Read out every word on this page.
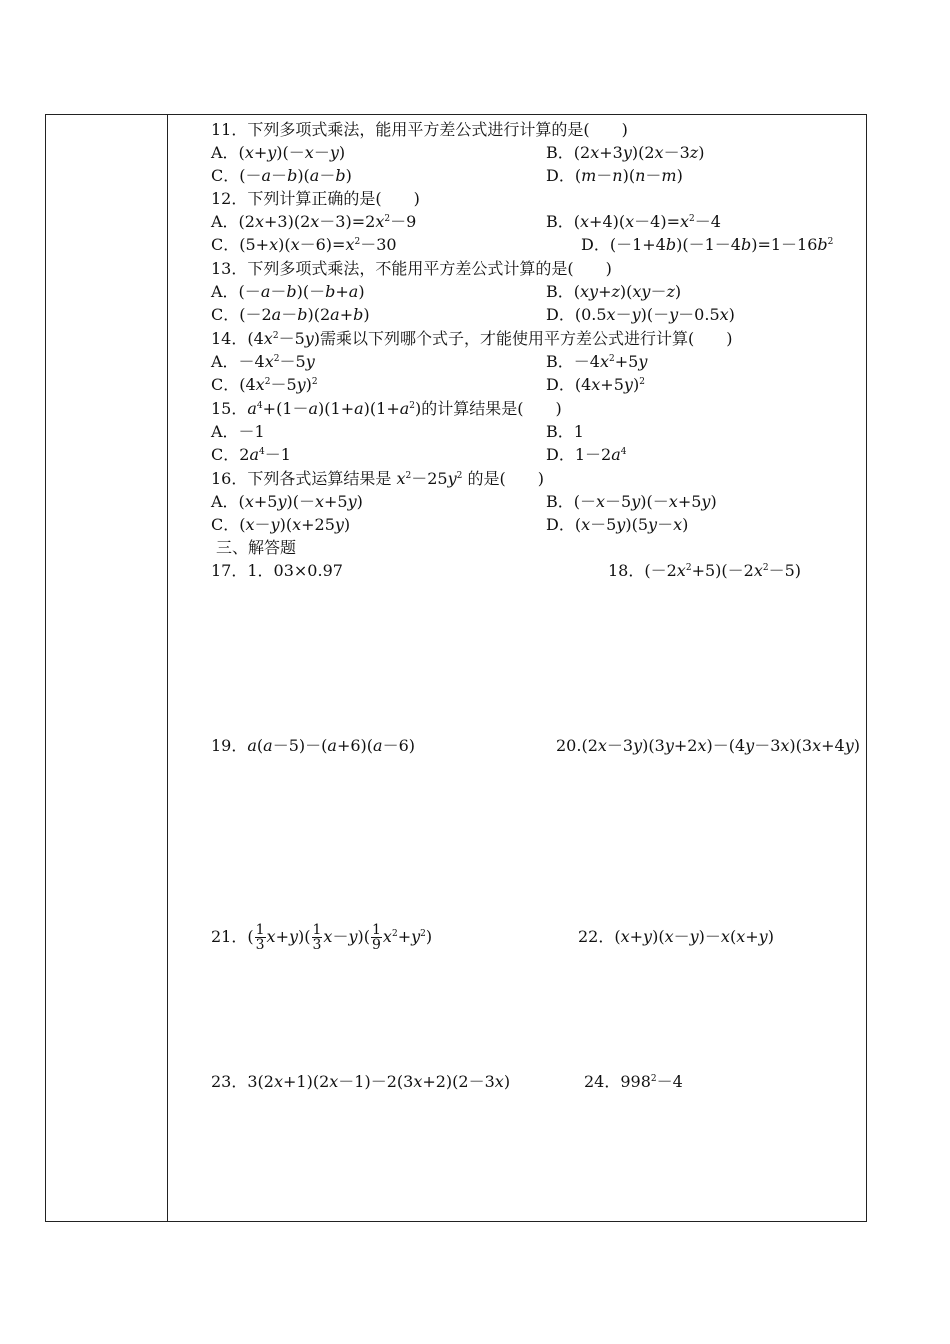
11．下列多项式乘法，能用平方差公式进行计算的是(　　)
A．(x+y)(－x－y)	B．(2x+3y)(2x－3z)
C．(－a－b)(a－b)	D．(m－n)(n－m)
12．下列计算正确的是(　　)
A．$(2x+3)(2x-3)=2x^2-9$	B．$(x+4)(x-4)=x^2-4$
C．$(5+x)(x-6)=x^2-30$	D．$(-1+4b)(-1-4b)=1-16b^2$
13．下列多项式乘法，不能用平方差公式计算的是(　　)
A．(－a－b)(－b+a)	B．(xy+z)(xy－z)
C．(－2a－b)(2a+b)	D．(0.5x－y)(－y－0.5x)
14．$(4x^2-5y)$需乘以下列哪个式子，才能使用平方差公式进行计算(　　)
A．$-4x^2-5y$	B．$-4x^2+5y$
C．$(4x^2-5y)^2$	D．$(4x+5y)^2$
15．$a^4+(1-a)(1+a)(1+a^2)$的计算结果是(　　)
A．－1	B．1
C．$2a^4-1$	D．$1-2a^4$
16．下列各式运算结果是 $x^2-25y^2$ 的是(　　)
A．(x+5y)(－x+5y)	B．(－x－5y)(－x+5y)
C．(x－y)(x+25y)	D．(x－5y)(5y－x)
三、解答题
17．1．03×0.97	18．$(-2x^2+5)(-2x^2-5)$
19．a(a－5)－(a+6)(a－6)	20.(2x－3y)(3y+2x)－(4y－3x)(3x+4y)
21．( $\frac{1}{3} x+y)( \frac{1}{3} x-y)( \frac{1}{9} x^2+y^2)$	22．(x+y)(x－y)－x(x+y)
23．3(2x+1)(2x－1)－2(3x+2)(2－3x)	24．$998^2-4$
